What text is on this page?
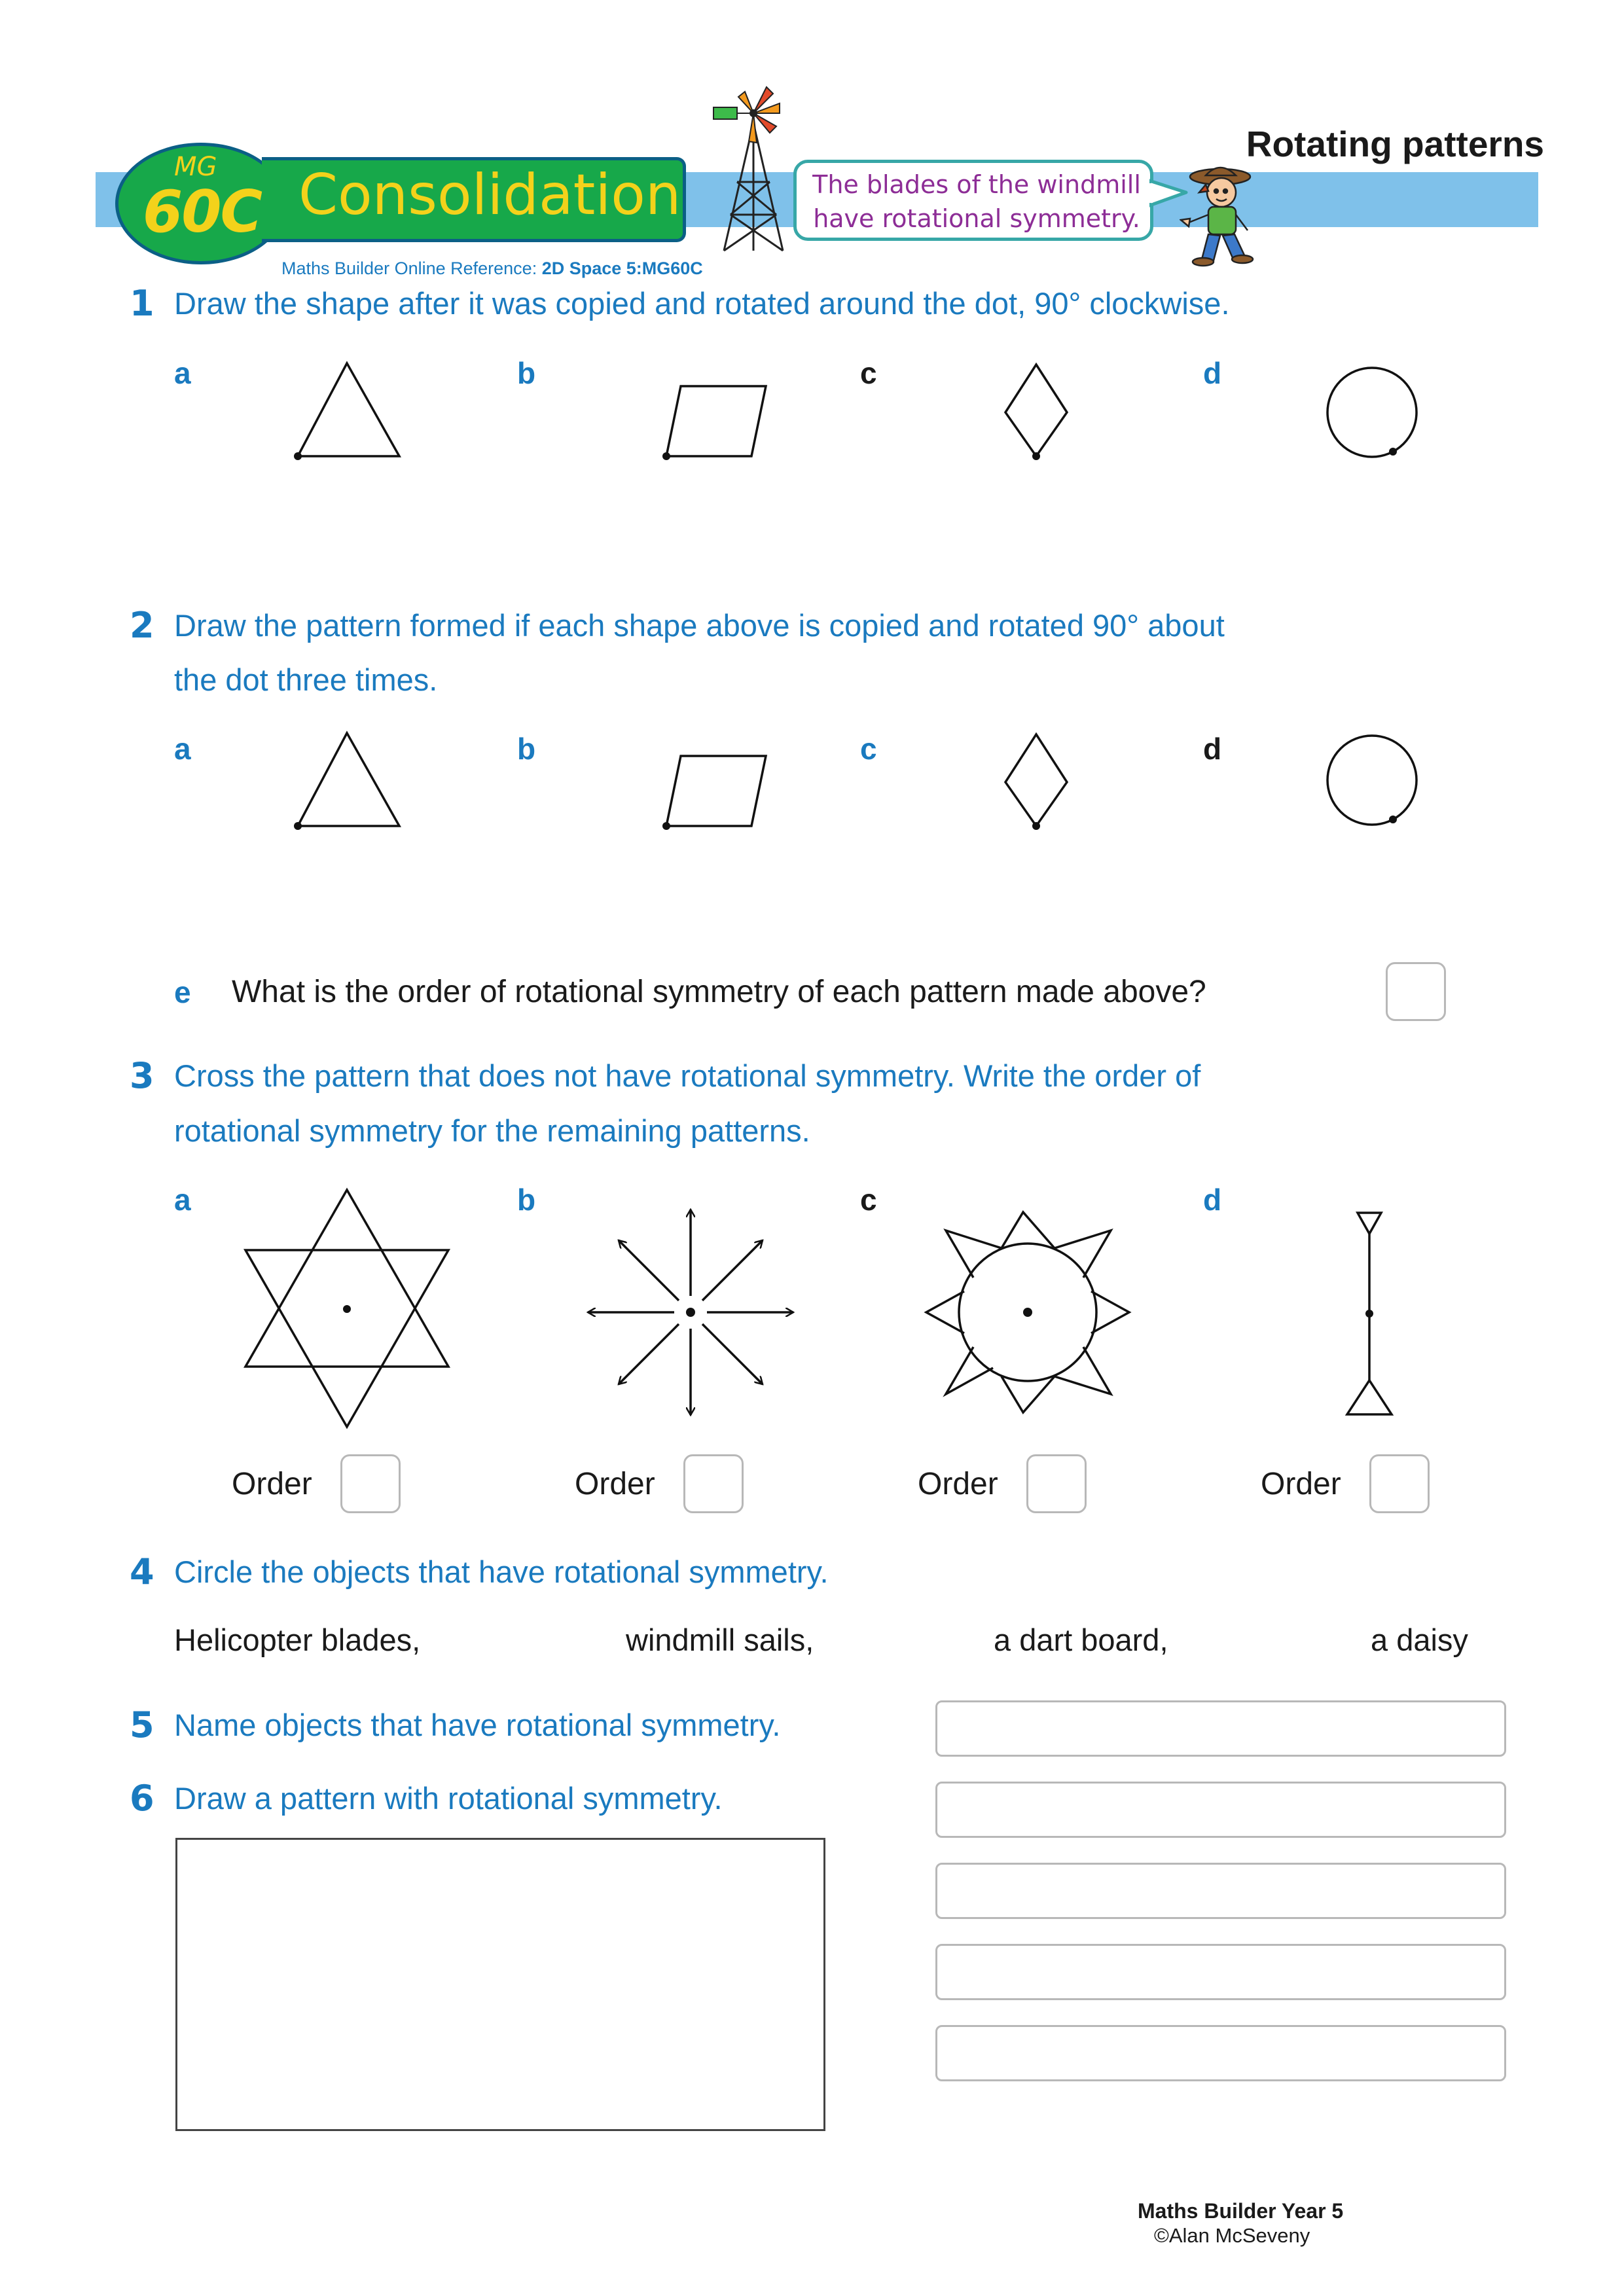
MG
60C Consolidation
Rotating patterns
The blades of the windmill have rotational symmetry.
Maths Builder Online Reference: 2D Space 5:MG60C
1 Draw the shape after it was copied and rotated around the dot, 90° clockwise.
a	b	c	d
2 Draw the pattern formed if each shape above is copied and rotated 90° about
the dot three times.
a	b	c	d
e What is the order of rotational symmetry of each pattern made above?
3 Cross the pattern that does not have rotational symmetry. Write the order of
rotational symmetry for the remaining patterns.
a	b	c	d
Order	Order	Order	Order
4 Circle the objects that have rotational symmetry.
Helicopter blades,	windmill sails,	a dart board,	a daisy
5 Name objects that have rotational symmetry.
6 Draw a pattern with rotational symmetry.
Maths Builder Year 5
©Alan McSeveny
